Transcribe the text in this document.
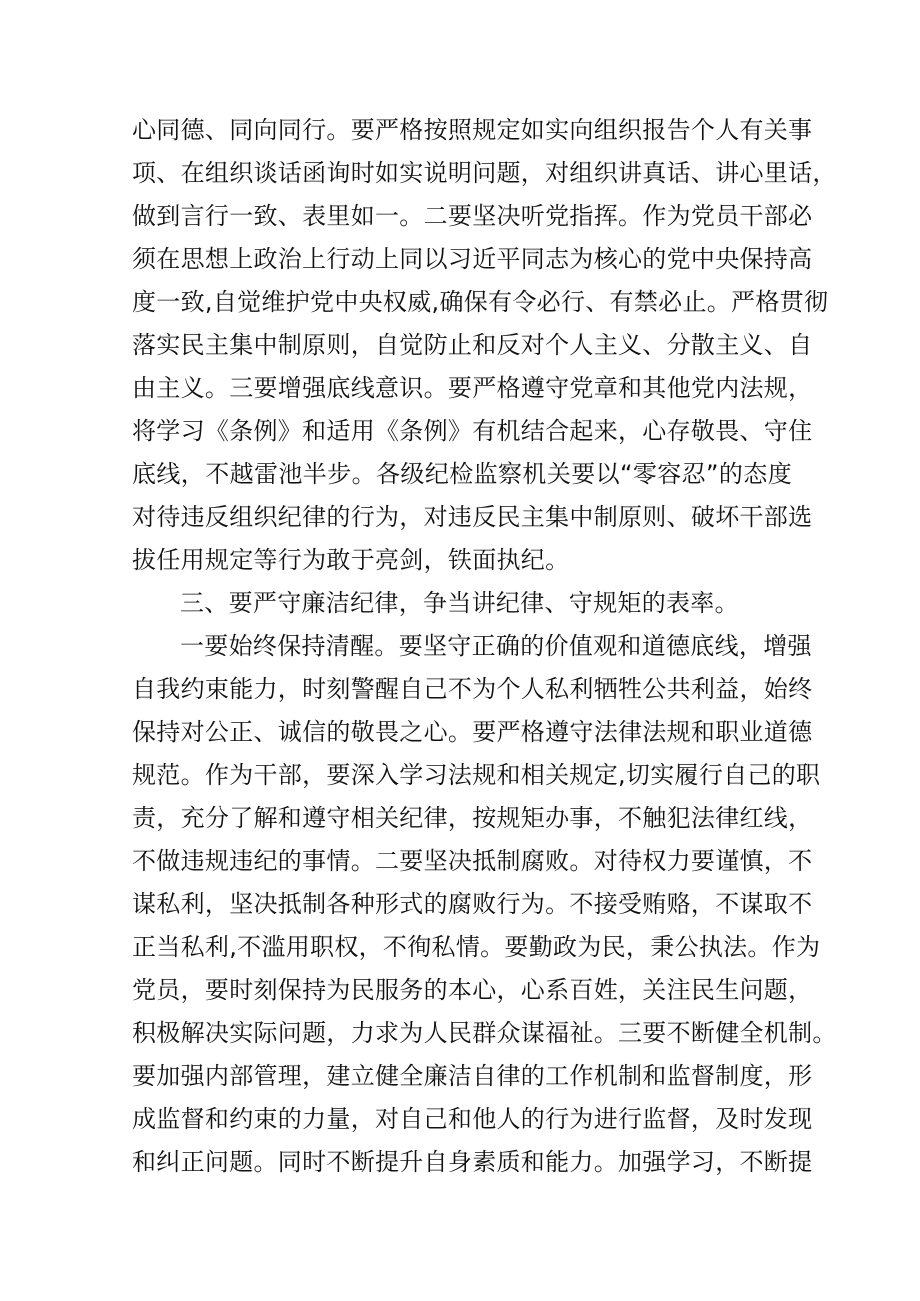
心同德、同向同行。要严格按照规定如实向组织报告个人有关事
项、在组织谈话函询时如实说明问题，对组织讲真话、讲心里话，
做到言行一致、表里如一。二要坚决听党指挥。作为党员干部必
须在思想上政治上行动上同以习近平同志为核心的党中央保持高
度一致,自觉维护党中央权威,确保有令必行、有禁必止。严格贯彻
落实民主集中制原则，自觉防止和反对个人主义、分散主义、自
由主义。三要增强底线意识。要严格遵守党章和其他党内法规，
将学习《条例》和适用《条例》有机结合起来，心存敬畏、守住
底线，不越雷池半步。各级纪检监察机关要以“零容忍”的态度
对待违反组织纪律的行为，对违反民主集中制原则、破坏干部选
拔任用规定等行为敢于亮剑，铁面执纪。
三、要严守廉洁纪律，争当讲纪律、守规矩的表率。
一要始终保持清醒。要坚守正确的价值观和道德底线，增强
自我约束能力，时刻警醒自己不为个人私利牺牲公共利益，始终
保持对公正、诚信的敬畏之心。要严格遵守法律法规和职业道德
规范。作为干部，要深入学习法规和相关规定,切实履行自己的职
责，充分了解和遵守相关纪律，按规矩办事，不触犯法律红线，
不做违规违纪的事情。二要坚决抵制腐败。对待权力要谨慎，不
谋私利，坚决抵制各种形式的腐败行为。不接受贿赂，不谋取不
正当私利,不滥用职权，不徇私情。要勤政为民，秉公执法。作为
党员，要时刻保持为民服务的本心，心系百姓，关注民生问题，
积极解决实际问题，力求为人民群众谋福祉。三要不断健全机制。
要加强内部管理，建立健全廉洁自律的工作机制和监督制度，形
成监督和约束的力量，对自己和他人的行为进行监督，及时发现
和纠正问题。同时不断提升自身素质和能力。加强学习，不断提
